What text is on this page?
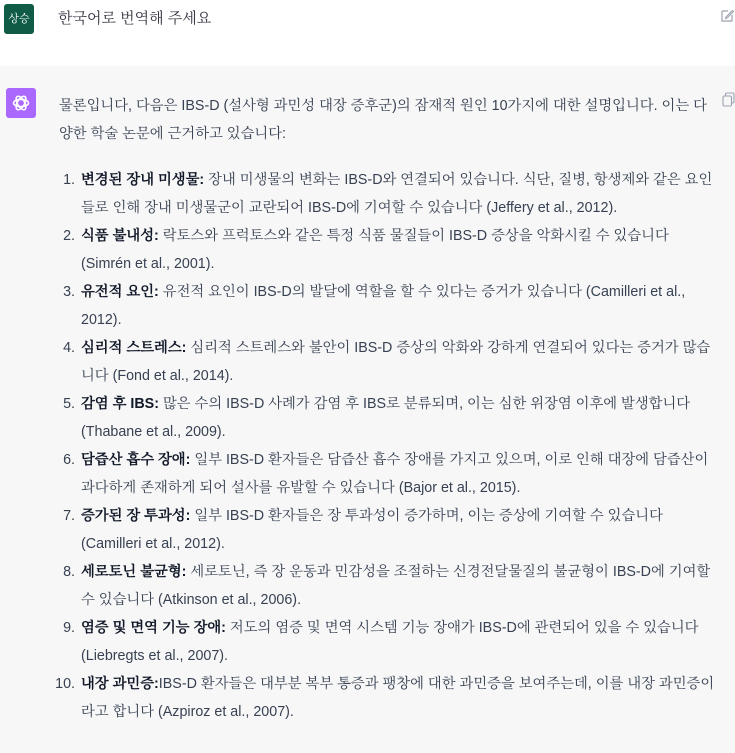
상승 한국어로 번역해 주세요

물론입니다, 다음은 IBS-D (설사형 과민성 대장 증후군)의 잠재적 원인 10가지에 대한 설명입니다. 이는 다양한 학술 논문에 근거하고 있습니다:

1. 변경된 장내 미생물: 장내 미생물의 변화는 IBS-D와 연결되어 있습니다. 식단, 질병, 항생제와 같은 요인들로 인해 장내 미생물군이 교란되어 IBS-D에 기여할 수 있습니다 (Jeffery et al., 2012).
2. 식품 불내성: 락토스와 프럭토스와 같은 특정 식품 물질들이 IBS-D 증상을 악화시킬 수 있습니다 (Simrén et al., 2001).
3. 유전적 요인: 유전적 요인이 IBS-D의 발달에 역할을 할 수 있다는 증거가 있습니다 (Camilleri et al., 2012).
4. 심리적 스트레스: 심리적 스트레스와 불안이 IBS-D 증상의 악화와 강하게 연결되어 있다는 증거가 많습니다 (Fond et al., 2014).
5. 감염 후 IBS: 많은 수의 IBS-D 사례가 감염 후 IBS로 분류되며, 이는 심한 위장염 이후에 발생합니다 (Thabane et al., 2009).
6. 담즙산 흡수 장애: 일부 IBS-D 환자들은 담즙산 흡수 장애를 가지고 있으며, 이로 인해 대장에 담즙산이 과다하게 존재하게 되어 설사를 유발할 수 있습니다 (Bajor et al., 2015).
7. 증가된 장 투과성: 일부 IBS-D 환자들은 장 투과성이 증가하며, 이는 증상에 기여할 수 있습니다 (Camilleri et al., 2012).
8. 세로토닌 불균형: 세로토닌, 즉 장 운동과 민감성을 조절하는 신경전달물질의 불균형이 IBS-D에 기여할 수 있습니다 (Atkinson et al., 2006).
9. 염증 및 면역 기능 장애: 저도의 염증 및 면역 시스템 기능 장애가 IBS-D에 관련되어 있을 수 있습니다 (Liebregts et al., 2007).
10. 내장 과민증:IBS-D 환자들은 대부분 복부 통증과 팽창에 대한 과민증을 보여주는데, 이를 내장 과민증이라고 합니다 (Azpiroz et al., 2007).
